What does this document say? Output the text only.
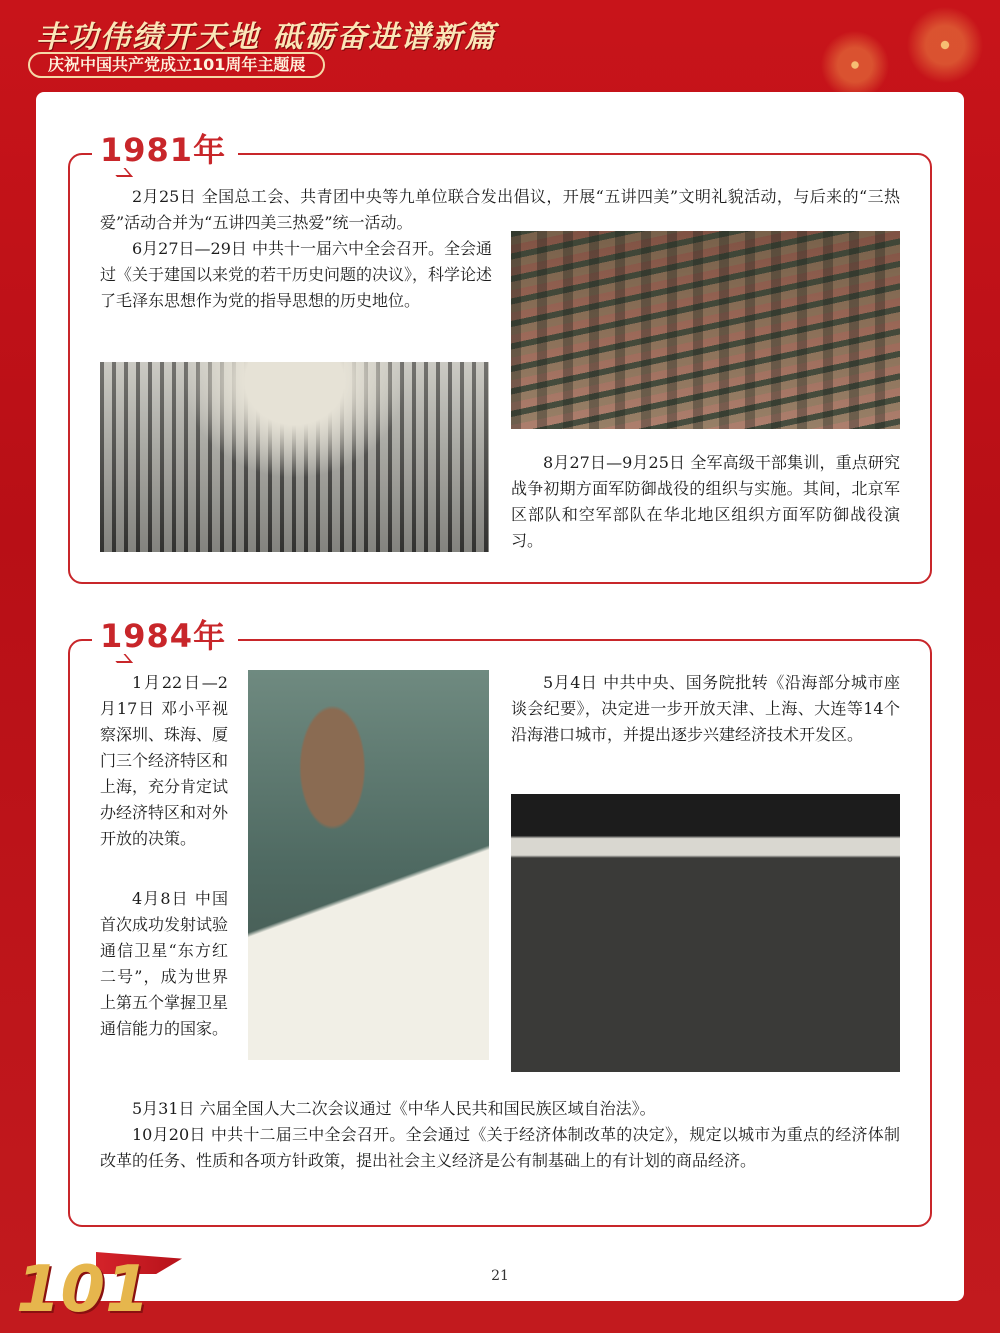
丰功伟绩开天地 砥砺奋进谱新篇
庆祝中国共产党成立101周年主题展
1981年
2月25日 全国总工会、共青团中央等九单位联合发出倡议，开展“五讲四美”文明礼貌活动，与后来的“三热爱”活动合并为“五讲四美三热爱”统一活动。
6月27日—29日 中共十一届六中全会召开。全会通过《关于建国以来党的若干历史问题的决议》，科学论述了毛泽东思想作为党的指导思想的历史地位。
8月27日—9月25日 全军高级干部集训，重点研究战争初期方面军防御战役的组织与实施。其间，北京军区部队和空军部队在华北地区组织方面军防御战役演习。
1984年
1月22日—2月17日 邓小平视察深圳、珠海、厦门三个经济特区和上海，充分肯定试办经济特区和对外开放的决策。
4月8日 中国首次成功发射试验通信卫星“东方红二号”，成为世界上第五个掌握卫星通信能力的国家。
5月4日 中共中央、国务院批转《沿海部分城市座谈会纪要》，决定进一步开放天津、上海、大连等14个沿海港口城市，并提出逐步兴建经济技术开发区。
5月31日 六届全国人大二次会议通过《中华人民共和国民族区域自治法》。
10月20日 中共十二届三中全会召开。全会通过《关于经济体制改革的决定》，规定以城市为重点的经济体制改革的任务、性质和各项方针政策，提出社会主义经济是公有制基础上的有计划的商品经济。
101	21
